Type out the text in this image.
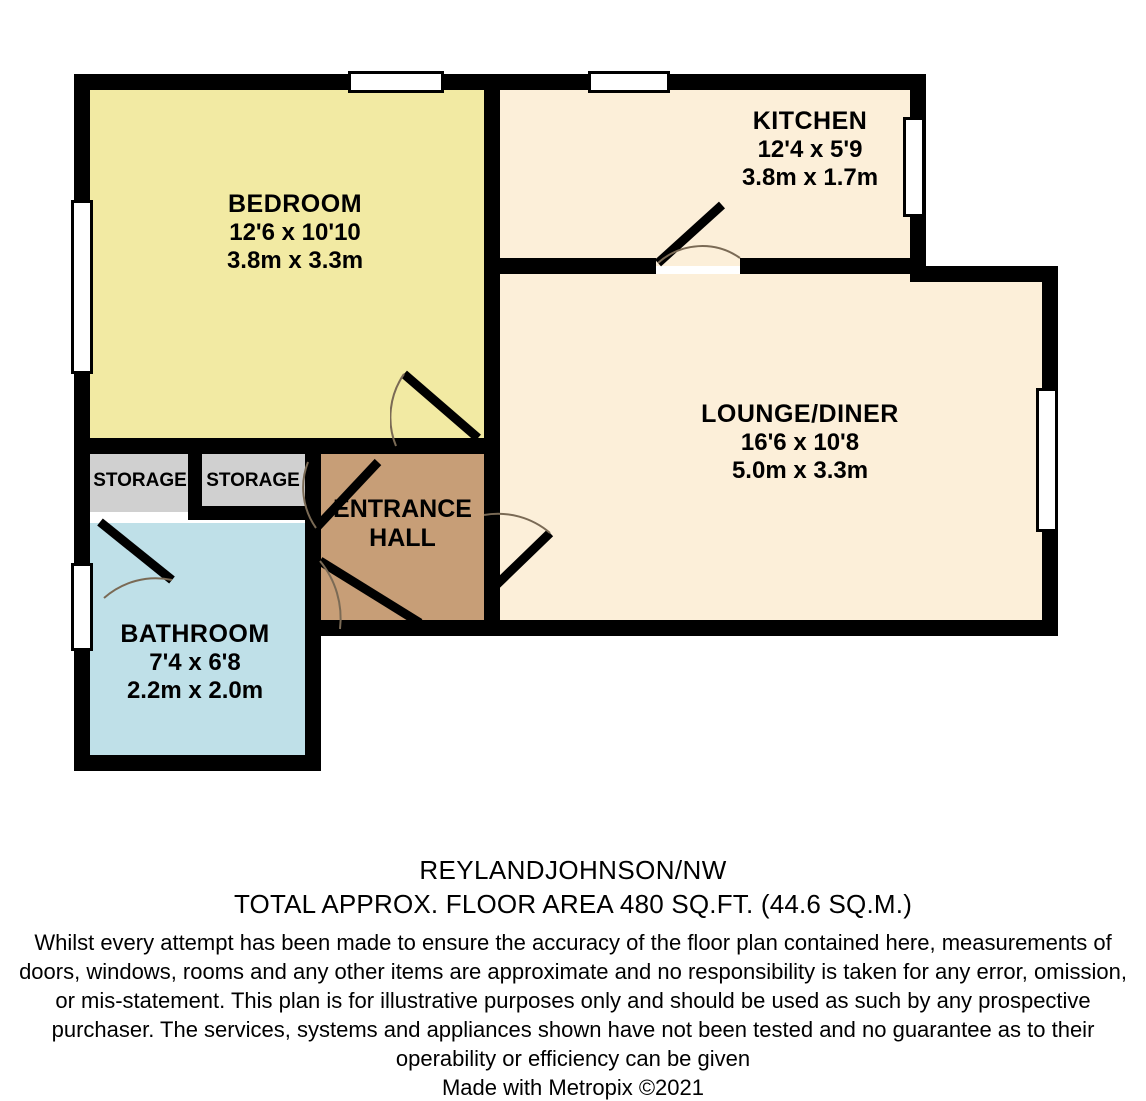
BEDROOM
12'6 x 10'10
3.8m x 3.3m
KITCHEN
12'4 x 5'9
3.8m x 1.7m
LOUNGE/DINER
16'6 x 10'8
5.0m x 3.3m
BATHROOM
7'4 x 6'8
2.2m x 2.0m
ENTRANCE
HALL
STORAGE	STORAGE
REYLANDJOHNSON/NW
TOTAL APPROX. FLOOR AREA 480 SQ.FT. (44.6 SQ.M.)
Whilst every attempt has been made to ensure the accuracy of the floor plan contained here, measurements of doors, windows, rooms and any other items are approximate and no responsibility is taken for any error, omission, or mis-statement. This plan is for illustrative purposes only and should be used as such by any prospective purchaser. The services, systems and appliances shown have not been tested and no guarantee as to their operability or efficiency can be given
Made with Metropix ©2021
